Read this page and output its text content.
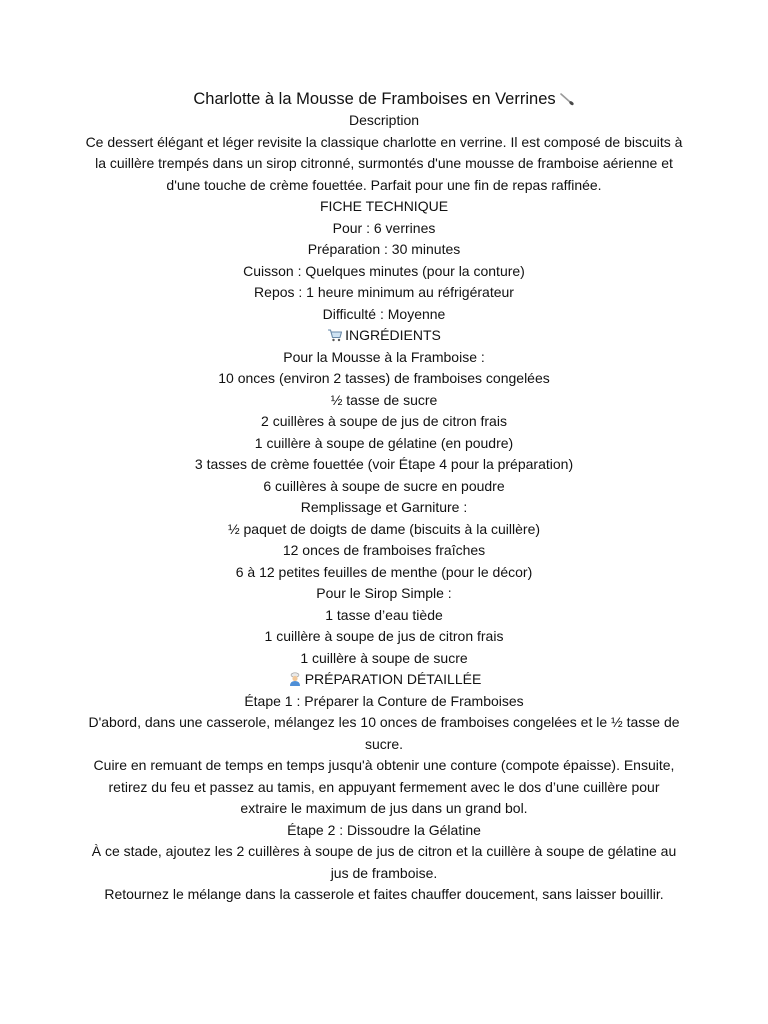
Charlotte à la Mousse de Framboises en Verrines

Description

Ce dessert élégant et léger revisite la classique charlotte en verrine. Il est composé de biscuits à la cuillère trempés dans un sirop citronné, surmontés d'une mousse de framboise aérienne et d'une touche de crème fouettée. Parfait pour une fin de repas raffinée.

FICHE TECHNIQUE

Pour : 6 verrines

Préparation : 30 minutes

Cuisson : Quelques minutes (pour la conture)

Repos : 1 heure minimum au réfrigérateur

Difficulté : Moyenne

INGRÉDIENTS

Pour la Mousse à la Framboise :

10 onces (environ 2 tasses) de framboises congelées

½ tasse de sucre

2 cuillères à soupe de jus de citron frais

1 cuillère à soupe de gélatine (en poudre)

3 tasses de crème fouettée (voir Étape 4 pour la préparation)

6 cuillères à soupe de sucre en poudre

Remplissage et Garniture :

½ paquet de doigts de dame (biscuits à la cuillère)

12 onces de framboises fraîches

6 à 12 petites feuilles de menthe (pour le décor)

Pour le Sirop Simple :

1 tasse d’eau tiède

1 cuillère à soupe de jus de citron frais

1 cuillère à soupe de sucre

PRÉPARATION DÉTAILLÉE

Étape 1 : Préparer la Conture de Framboises

D'abord, dans une casserole, mélangez les 10 onces de framboises congelées et le ½ tasse de sucre.

Cuire en remuant de temps en temps jusqu'à obtenir une conture (compote épaisse). Ensuite, retirez du feu et passez au tamis, en appuyant fermement avec le dos d’une cuillère pour extraire le maximum de jus dans un grand bol.

Étape 2 : Dissoudre la Gélatine

À ce stade, ajoutez les 2 cuillères à soupe de jus de citron et la cuillère à soupe de gélatine au jus de framboise.

Retournez le mélange dans la casserole et faites chauffer doucement, sans laisser bouillir.
